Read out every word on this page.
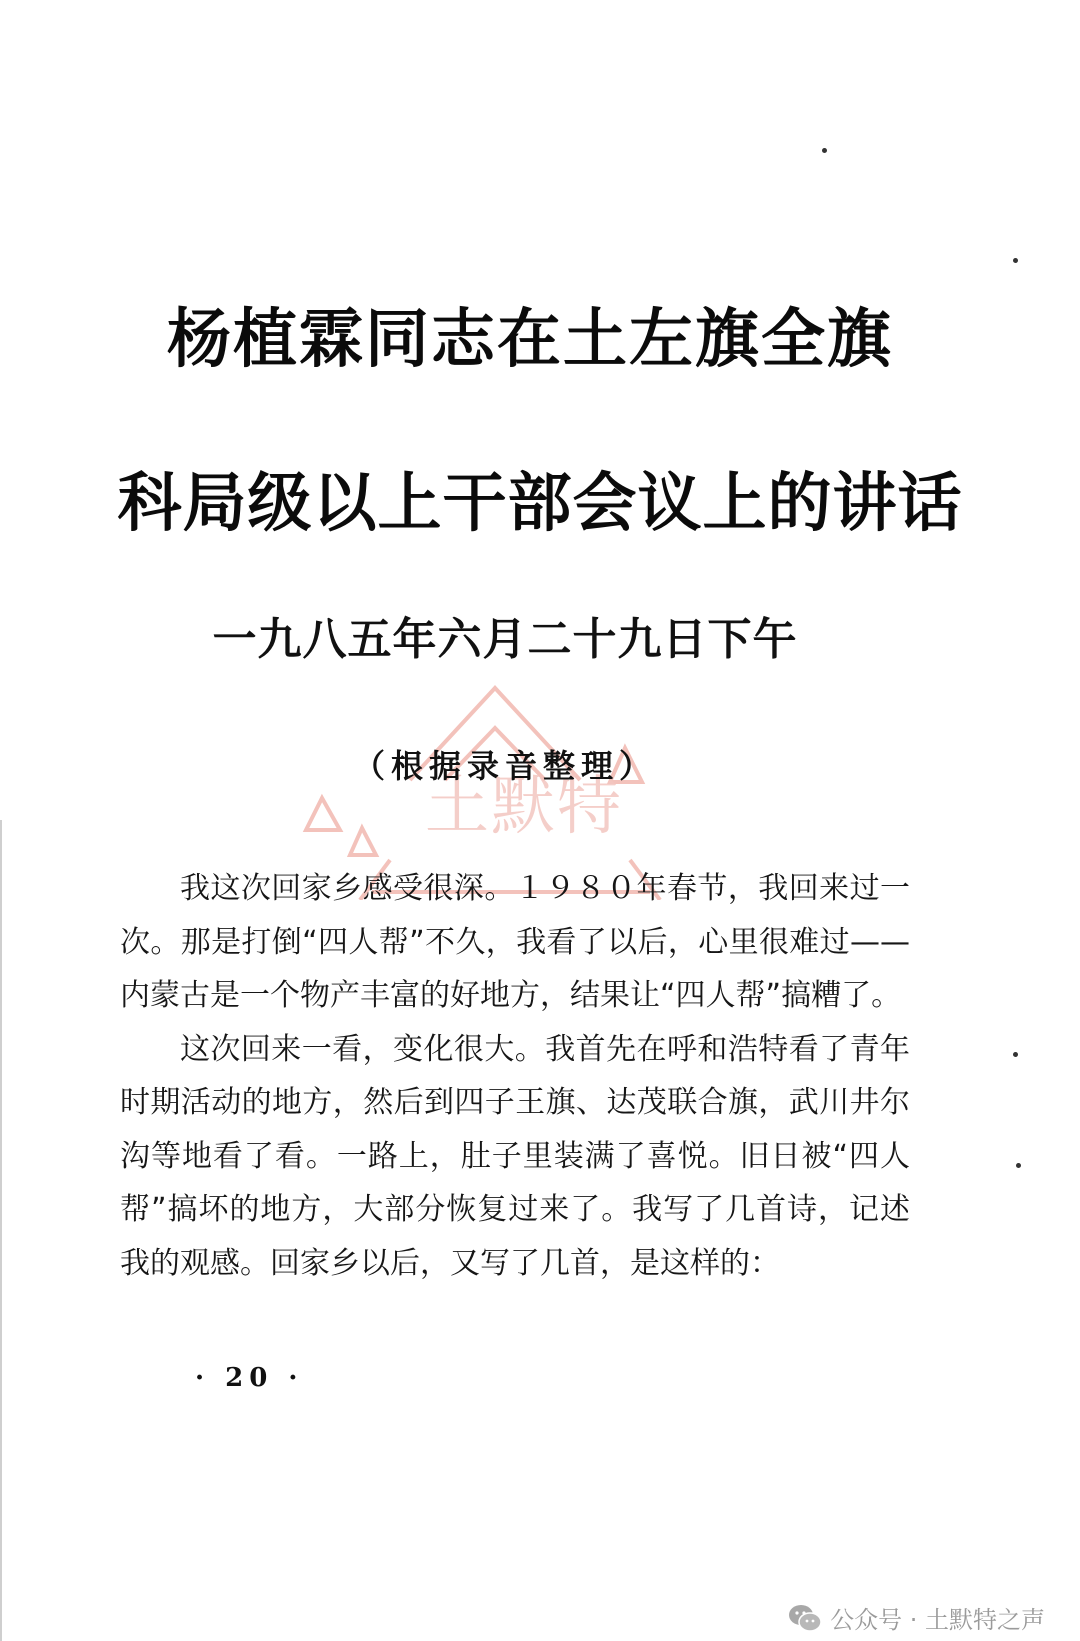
杨植霖同志在土左旗全旗
科局级以上干部会议上的讲话
一九八五年六月二十九日下午
土默特
（根据录音整理）

我这次回家乡感受很深。１９８０年春节，我回来过一次。那是打倒“四人帮”不久，我看了以后，心里很难过——内蒙古是一个物产丰富的好地方，结果让“四人帮”搞糟了。

这次回来一看，变化很大。我首先在呼和浩特看了青年时期活动的地方，然后到四子王旗、达茂联合旗，武川井尔沟等地看了看。一路上，肚子里装满了喜悦。旧日被“四人帮”搞坏的地方，大部分恢复过来了。我写了几首诗，记述我的观感。回家乡以后，又写了几首，是这样的：

· 20 ·
公众号 · 土默特之声
